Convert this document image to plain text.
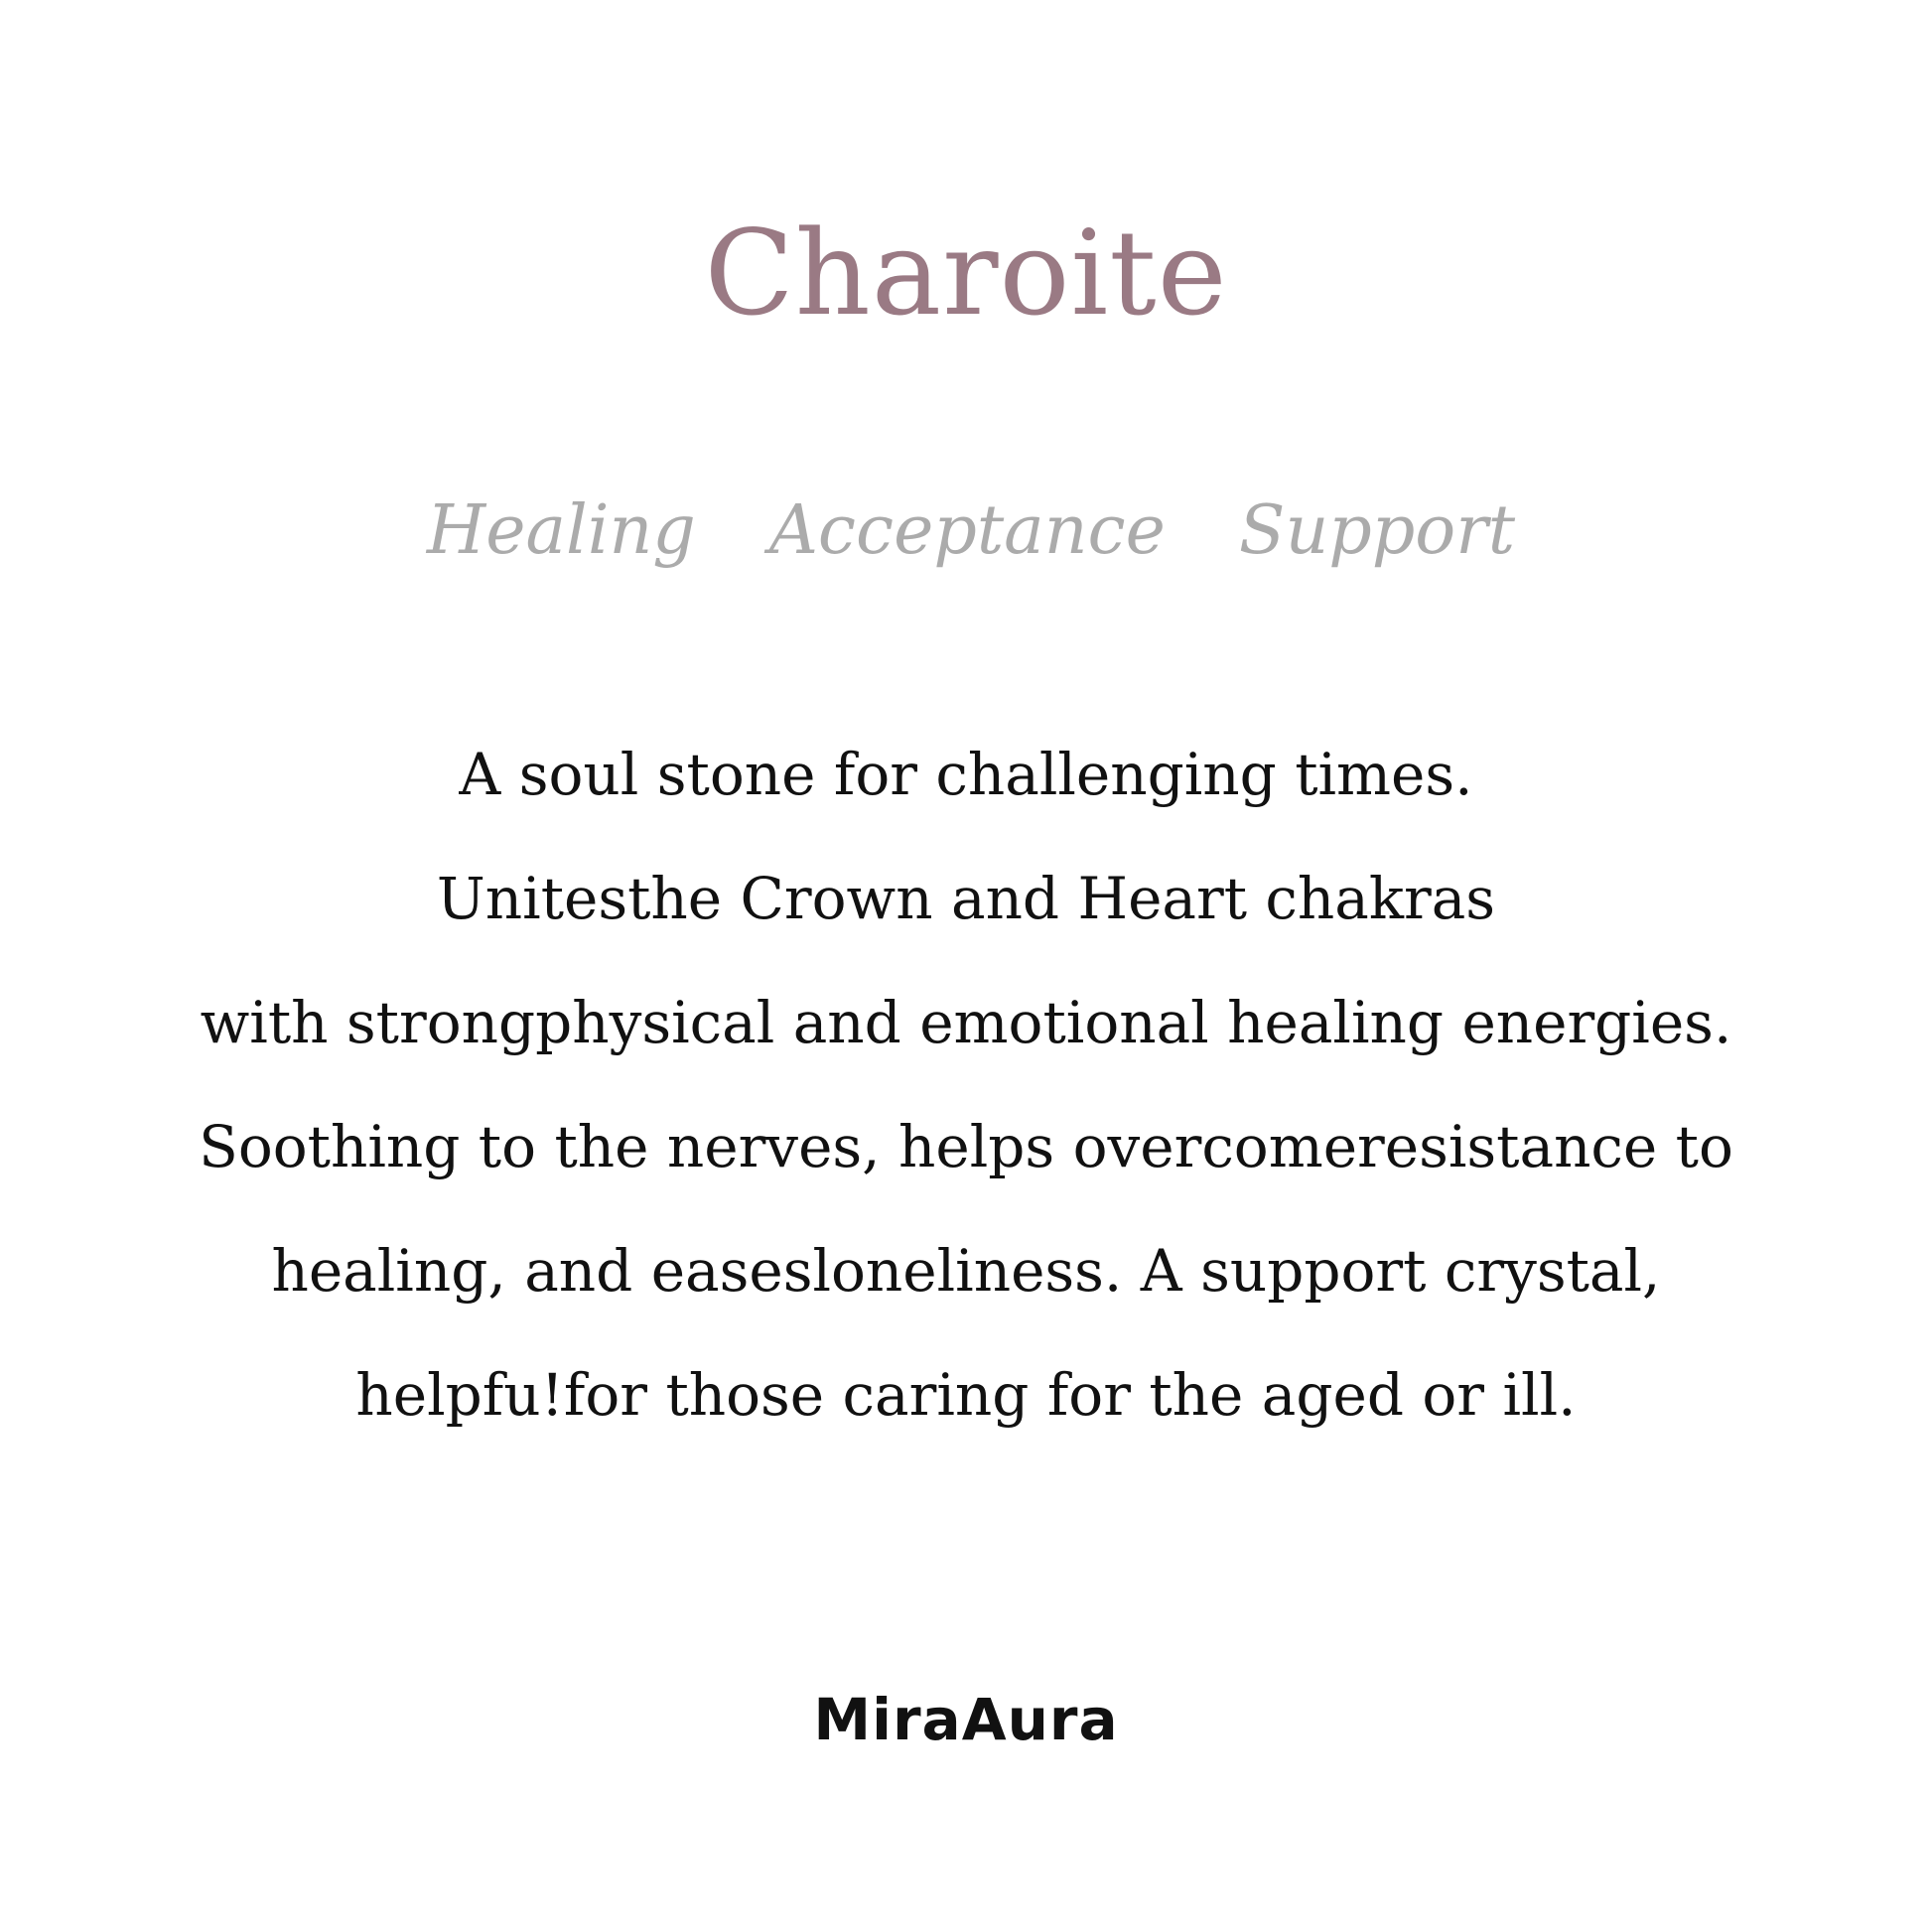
Charoite
Healing Acceptance Support
A soul stone for challenging times.
Unitesthe Crown and Heart chakras
with strongphysical and emotional healing energies.
Soothing to the nerves, helps overcomeresistance to
healing, and easesloneliness. A support crystal,
helpfu!for those caring for the aged or ill.
MiraAura
